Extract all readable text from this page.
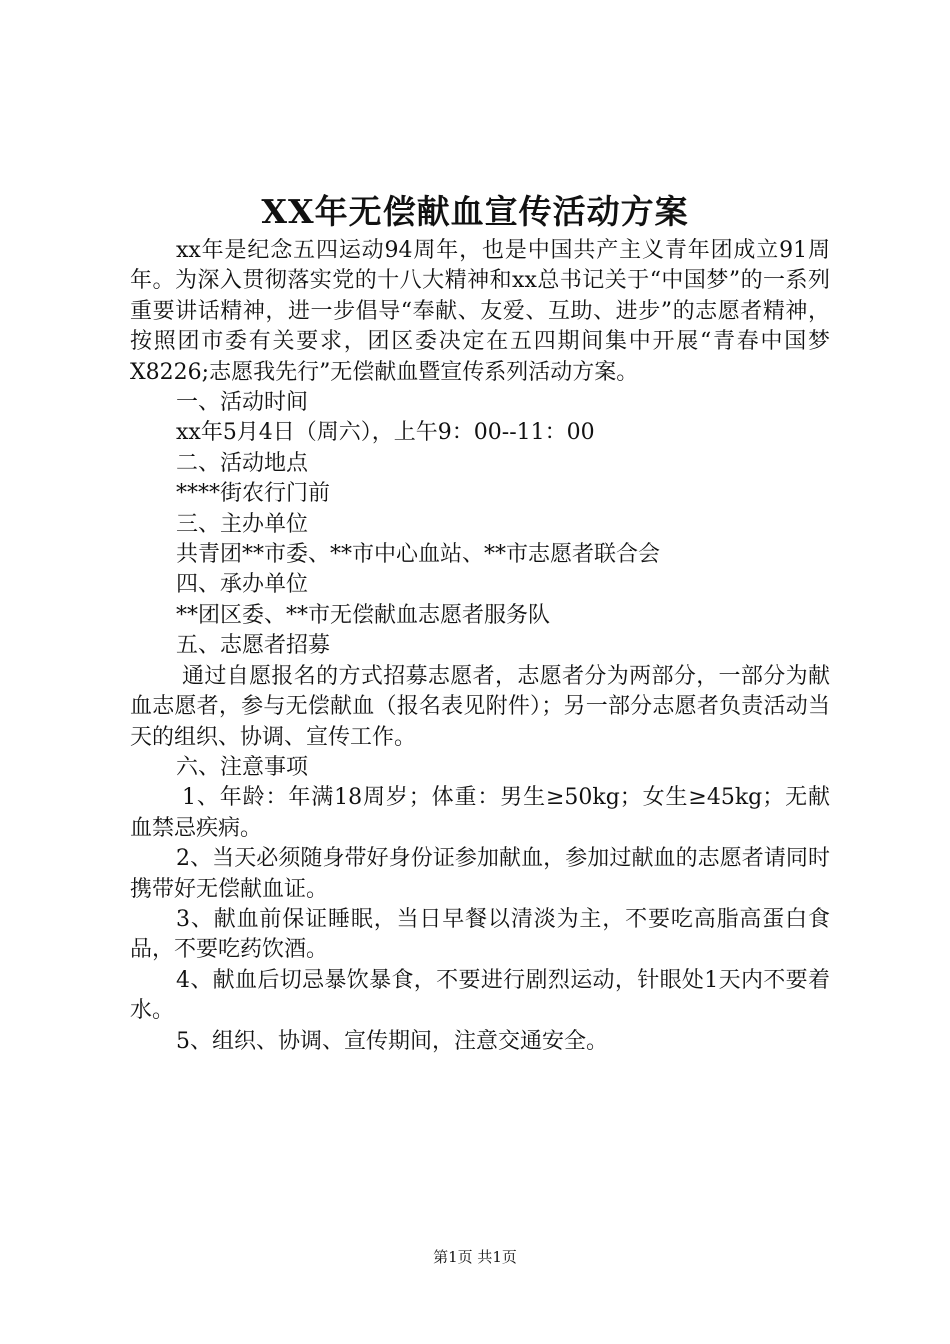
XX年无偿献血宣传活动方案

xx年是纪念五四运动94周年，也是中国共产主义青年团成立91周年。为深入贯彻落实党的十八大精神和xx总书记关于“中国梦”的一系列重要讲话精神，进一步倡导“奉献、友爱、互助、进步”的志愿者精神，按照团市委有关要求，团区委决定在五四期间集中开展“青春中国梦X8226;志愿我先行”无偿献血暨宣传系列活动方案。

一、活动时间

xx年5月4日（周六），上午9：00--11：00

二、活动地点

****街农行门前

三、主办单位

共青团**市委、**市中心血站、**市志愿者联合会

四、承办单位

**团区委、**市无偿献血志愿者服务队

五、志愿者招募

通过自愿报名的方式招募志愿者，志愿者分为两部分，一部分为献血志愿者，参与无偿献血（报名表见附件）；另一部分志愿者负责活动当天的组织、协调、宣传工作。

六、注意事项

1、年龄：年满18周岁；体重：男生≥50kg；女生≥45kg；无献血禁忌疾病。

2、当天必须随身带好身份证参加献血，参加过献血的志愿者请同时携带好无偿献血证。

3、献血前保证睡眠，当日早餐以清淡为主，不要吃高脂高蛋白食品，不要吃药饮酒。

4、献血后切忌暴饮暴食，不要进行剧烈运动，针眼处1天内不要着水。

5、组织、协调、宣传期间，注意交通安全。

第1页 共1页
